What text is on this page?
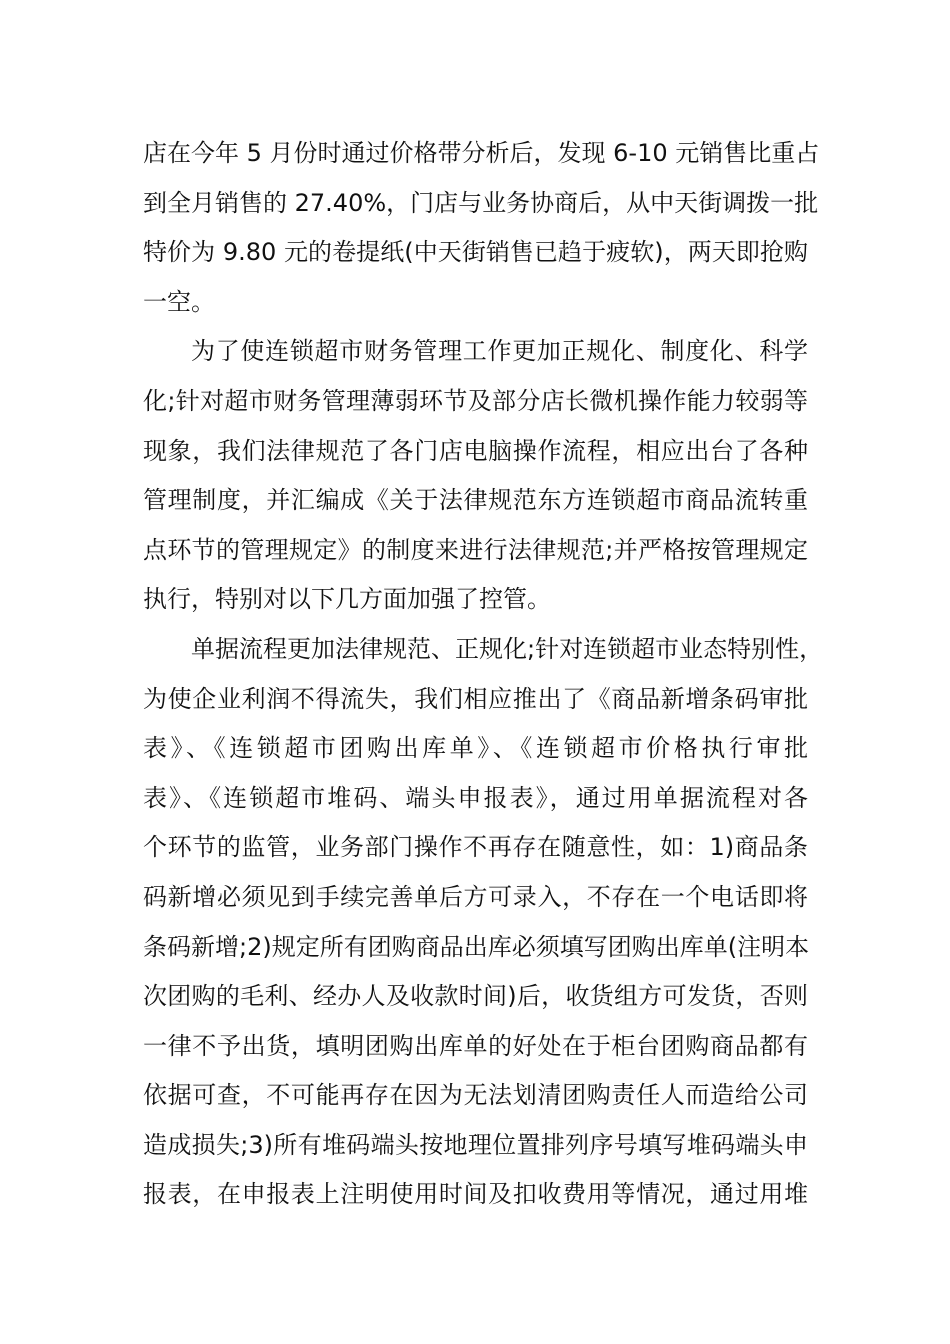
店在今年 5 月份时通过价格带分析后，发现 6-10 元销售比重占
到全月销售的 27.40%，门店与业务协商后，从中天街调拨一批
特价为 9.80 元的卷提纸(中天街销售已趋于疲软)，两天即抢购
一空。
为了使连锁超市财务管理工作更加正规化、制度化、科学
化;针对超市财务管理薄弱环节及部分店长微机操作能力较弱等
现象，我们法律规范了各门店电脑操作流程，相应出台了各种
管理制度，并汇编成《关于法律规范东方连锁超市商品流转重
点环节的管理规定》的制度来进行法律规范;并严格按管理规定
执行，特别对以下几方面加强了控管。
单据流程更加法律规范、正规化;针对连锁超市业态特别性，
为使企业利润不得流失，我们相应推出了《商品新增条码审批
表》、《连锁超市团购出库单》、《连锁超市价格执行审批
表》、《连锁超市堆码、端头申报表》，通过用单据流程对各
个环节的监管，业务部门操作不再存在随意性，如：1)商品条
码新增必须见到手续完善单后方可录入，不存在一个电话即将
条码新增;2)规定所有团购商品出库必须填写团购出库单(注明本
次团购的毛利、经办人及收款时间)后，收货组方可发货，否则
一律不予出货，填明团购出库单的好处在于柜台团购商品都有
依据可查，不可能再存在因为无法划清团购责任人而造给公司
造成损失;3)所有堆码端头按地理位置排列序号填写堆码端头申
报表，在申报表上注明使用时间及扣收费用等情况，通过用堆
